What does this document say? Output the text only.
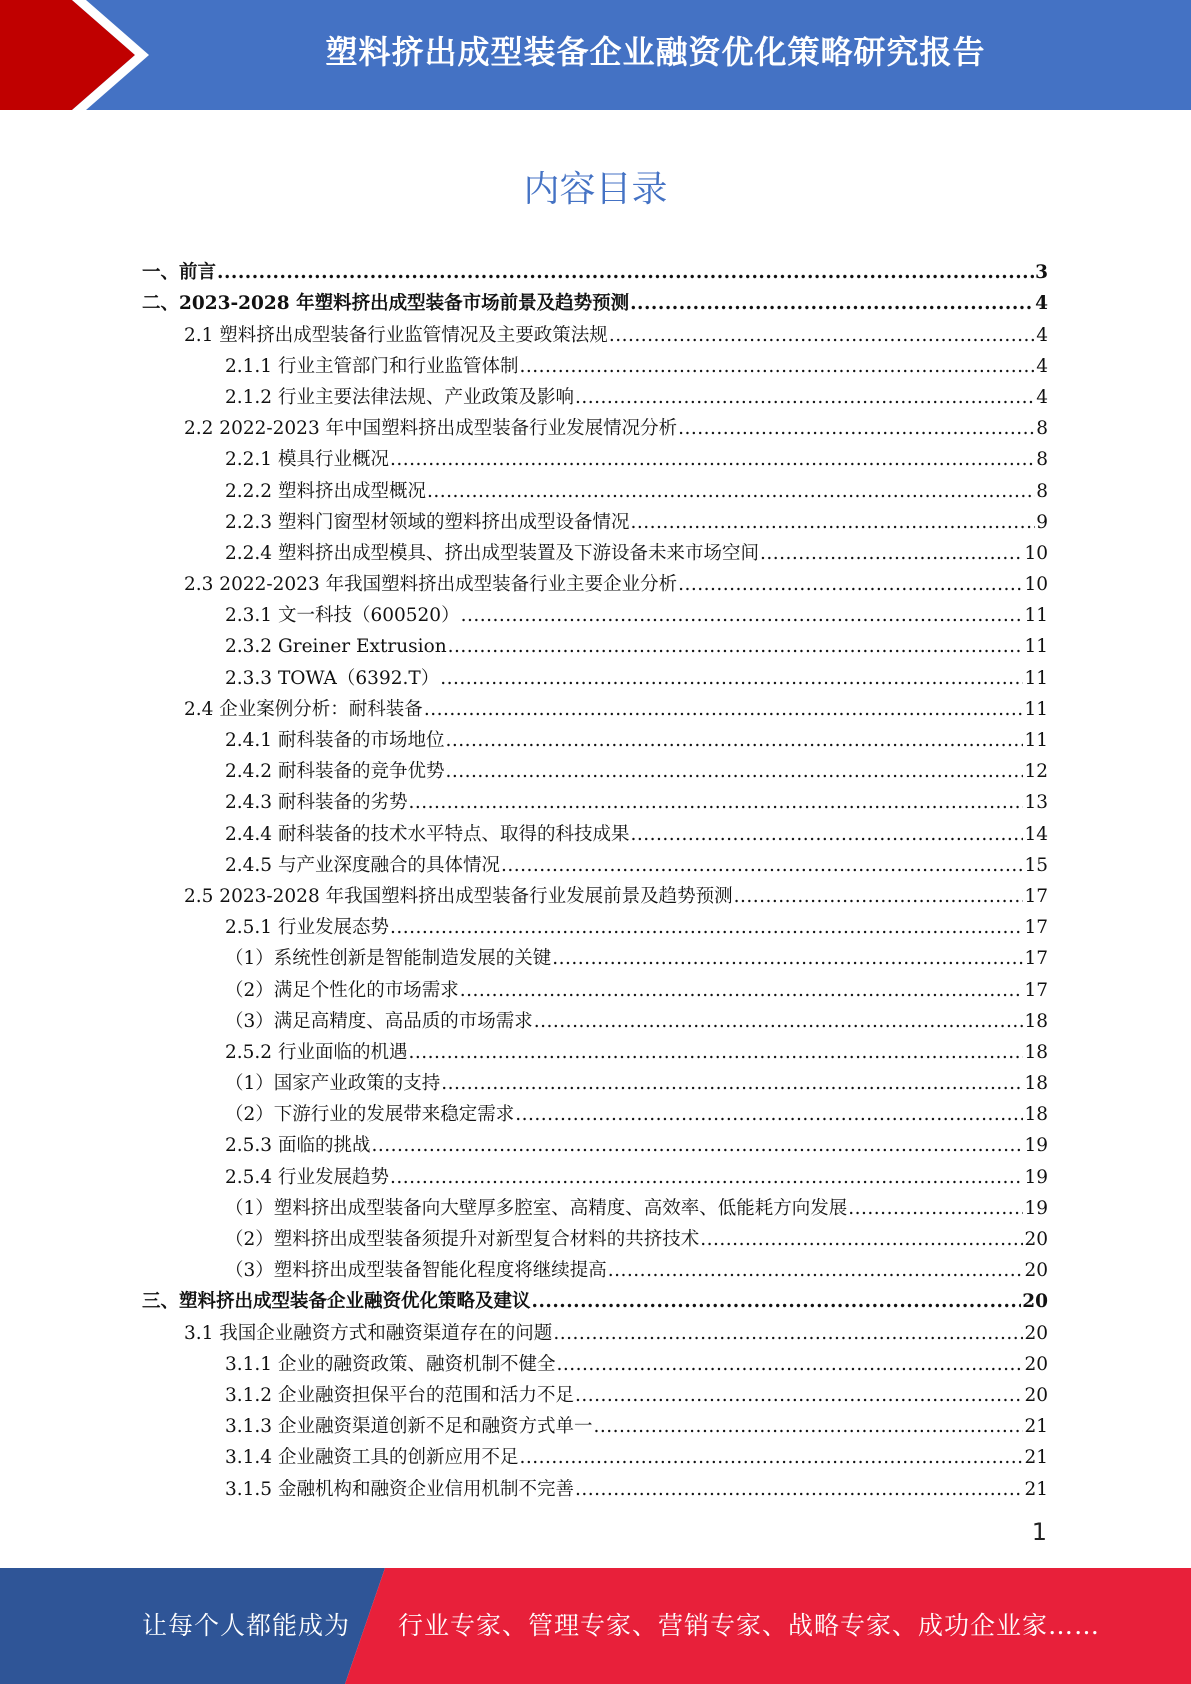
塑料挤出成型装备企业融资优化策略研究报告
内容目录
一、前言 .....	3
二、2023-2028 年塑料挤出成型装备市场前景及趋势预测 .....	4
2.1 塑料挤出成型装备行业监管情况及主要政策法规 .....	4
2.1.1 行业主管部门和行业监管体制 .....	4
2.1.2 行业主要法律法规、产业政策及影响 .....	4
2.2 2022-2023 年中国塑料挤出成型装备行业发展情况分析 .....	8
2.2.1 模具行业概况 .....	8
2.2.2 塑料挤出成型概况 .....	8
2.2.3 塑料门窗型材领域的塑料挤出成型设备情况 .....	9
2.2.4 塑料挤出成型模具、挤出成型装置及下游设备未来市场空间 .....	10
2.3 2022-2023 年我国塑料挤出成型装备行业主要企业分析 .....	10
2.3.1 文一科技（600520） .....	11
2.3.2 Greiner Extrusion .....	11
2.3.3 TOWA（6392.T） .....	11
2.4 企业案例分析：耐科装备 .....	11
2.4.1 耐科装备的市场地位 .....	11
2.4.2 耐科装备的竞争优势 .....	12
2.4.3 耐科装备的劣势 .....	13
2.4.4 耐科装备的技术水平特点、取得的科技成果 .....	14
2.4.5 与产业深度融合的具体情况 .....	15
2.5 2023-2028 年我国塑料挤出成型装备行业发展前景及趋势预测 .....	17
2.5.1 行业发展态势 .....	17
（1）系统性创新是智能制造发展的关键 .....	17
（2）满足个性化的市场需求 .....	17
（3）满足高精度、高品质的市场需求 .....	18
2.5.2 行业面临的机遇 .....	18
（1）国家产业政策的支持 .....	18
（2）下游行业的发展带来稳定需求 .....	18
2.5.3 面临的挑战 .....	19
2.5.4 行业发展趋势 .....	19
（1）塑料挤出成型装备向大壁厚多腔室、高精度、高效率、低能耗方向发展 .....	19
（2）塑料挤出成型装备须提升对新型复合材料的共挤技术 .....	20
（3）塑料挤出成型装备智能化程度将继续提高 .....	20
三、塑料挤出成型装备企业融资优化策略及建议 .....	20
3.1 我国企业融资方式和融资渠道存在的问题 .....	20
3.1.1 企业的融资政策、融资机制不健全 .....	20
3.1.2 企业融资担保平台的范围和活力不足 .....	20
3.1.3 企业融资渠道创新不足和融资方式单一 .....	21
3.1.4 企业融资工具的创新应用不足 .....	21
3.1.5 金融机构和融资企业信用机制不完善 .....	21
1
让每个人都能成为 行业专家、管理专家、营销专家、战略专家、成功企业家……
